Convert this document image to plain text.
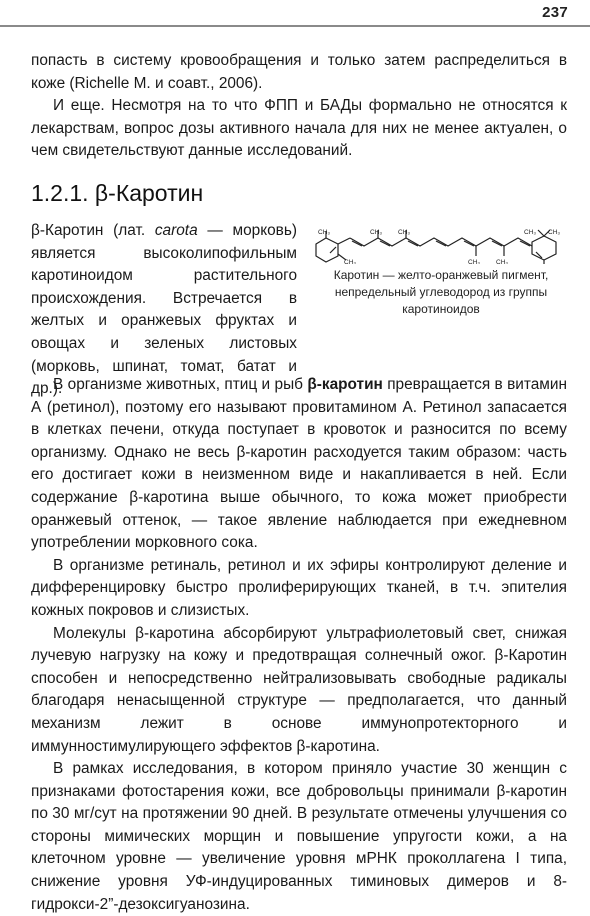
237

попасть в систему кровообращения и только затем распределиться в коже (Richelle M. и соавт., 2006).

И еще. Несмотря на то что ФПП и БАДы формально не относятся к лекарствам, вопрос дозы активного начала для них не менее актуален, о чем свидетельствуют данные исследований.

1.2.1. β-Каротин

β-Каротин (лат. carota — морковь) является высоколипофильным каротиноидом растительного происхождения. Встречается в желтых и оранжевых фруктах и овощах и зеленых листовых (морковь, шпинат, томат, батат и др.).

CH₃
CH₃
CH₃ CH₃
CH₃ CH₃
CH₃ CH₃
Каротин — желто-оранжевый пигмент, непредельный углеводород из группы каротиноидов

В организме животных, птиц и рыб β-каротин превращается в витамин А (ретинол), поэтому его называют провитамином А. Ретинол запасается в клетках печени, откуда поступает в кровоток и разносится по всему организму. Однако не весь β-каротин расходуется таким образом: часть его достигает кожи в неизменном виде и накапливается в ней. Если содержание β-каротина выше обычного, то кожа может приобрести оранжевый оттенок, — такое явление наблюдается при ежедневном употреблении морковного сока.

В организме ретиналь, ретинол и их эфиры контролируют деление и дифференцировку быстро пролиферирующих тканей, в т.ч. эпителия кожных покровов и слизистых.

Молекулы β-каротина абсорбируют ультрафиолетовый свет, снижая лучевую нагрузку на кожу и предотвращая солнечный ожог. β-Каротин способен и непосредственно нейтрализовывать свободные радикалы благодаря ненасыщенной структуре — предполагается, что данный механизм лежит в основе иммунопротекторного и иммунностимулирующего эффектов β-каротина.

В рамках исследования, в котором приняло участие 30 женщин с признаками фотостарения кожи, все добровольцы принимали β-каротин по 30 мг/сут на протяжении 90 дней. В результате отмечены улучшения со стороны мимических морщин и повышение упругости кожи, а на клеточном уровне — увеличение уровня мРНК проколлагена I типа, снижение уровня УФ-индуцированных тиминовых димеров и 8-гидрокси-2”-дезоксигуанозина.
